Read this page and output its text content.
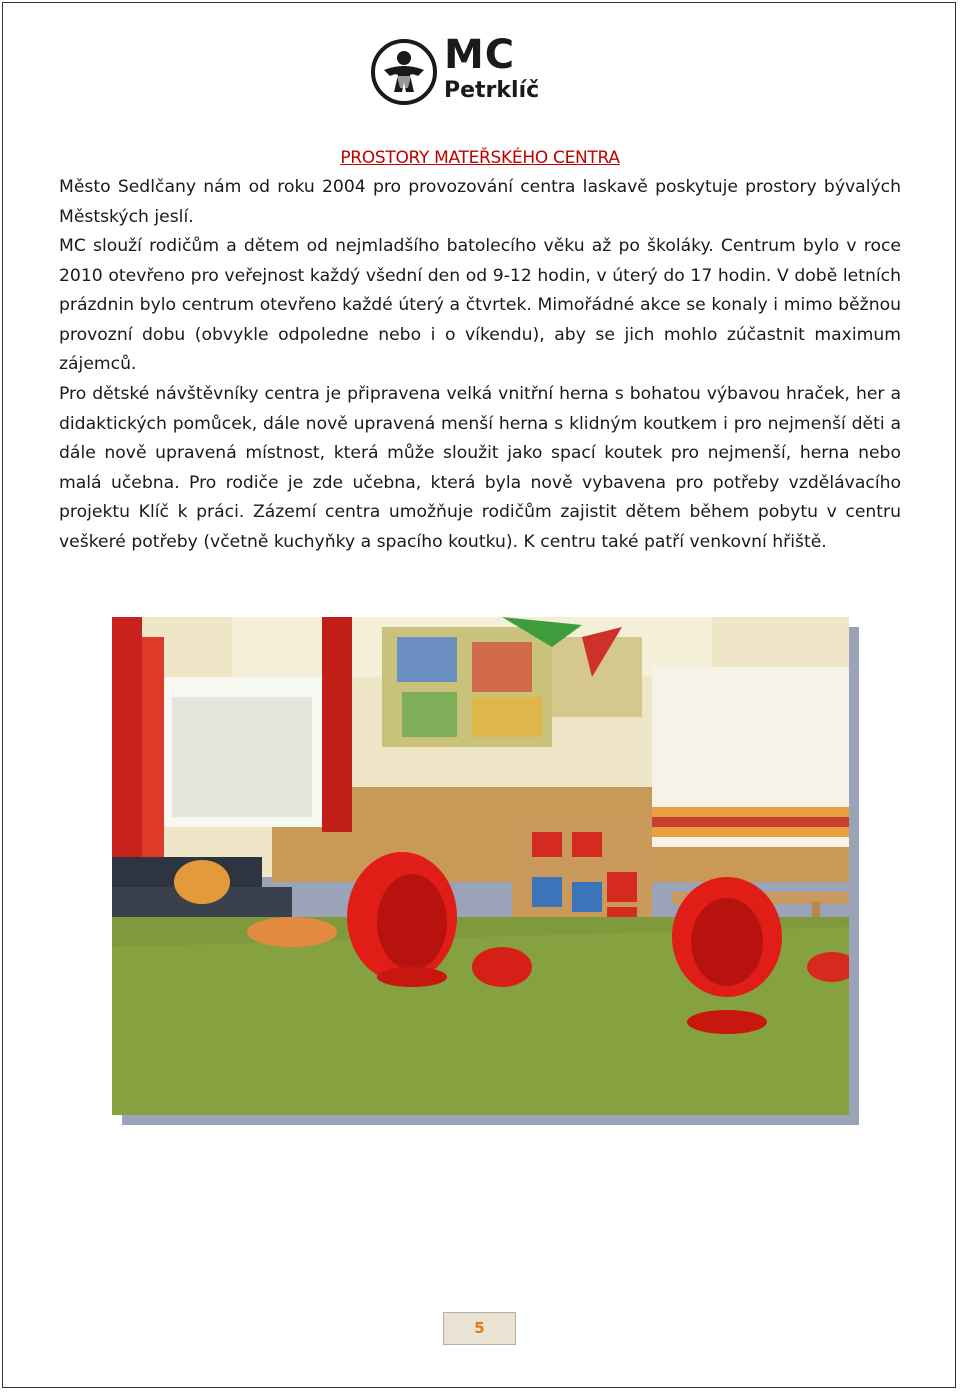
MC
Petrklíč
PROSTORY MATEŘSKÉHO CENTRA

Město Sedlčany nám od roku 2004 pro provozování centra laskavě poskytuje prostory bývalých Městských jeslí.

MC slouží rodičům a dětem od nejmladšího batolecího věku až po školáky. Centrum bylo v roce 2010 otevřeno pro veřejnost každý všední den od 9-12 hodin, v úterý do 17 hodin. V době letních prázdnin bylo centrum otevřeno každé úterý a čtvrtek. Mimořádné akce se konaly i mimo běžnou provozní dobu (obvykle odpoledne nebo i o víkendu), aby se jich mohlo zúčastnit maximum zájemců.

Pro dětské návštěvníky centra je připravena velká vnitřní herna s bohatou výbavou hraček, her a didaktických pomůcek, dále nově upravená menší herna s klidným koutkem i pro nejmenší děti a dále nově upravená místnost, která může sloužit jako spací koutek pro nejmenší, herna nebo malá učebna. Pro rodiče je zde učebna, která byla nově vybavena pro potřeby vzdělávacího projektu Klíč k práci. Zázemí centra umožňuje rodičům zajistit dětem během pobytu v centru veškeré potřeby (včetně kuchyňky a spacího koutku). K centru také patří venkovní hřiště.

5
